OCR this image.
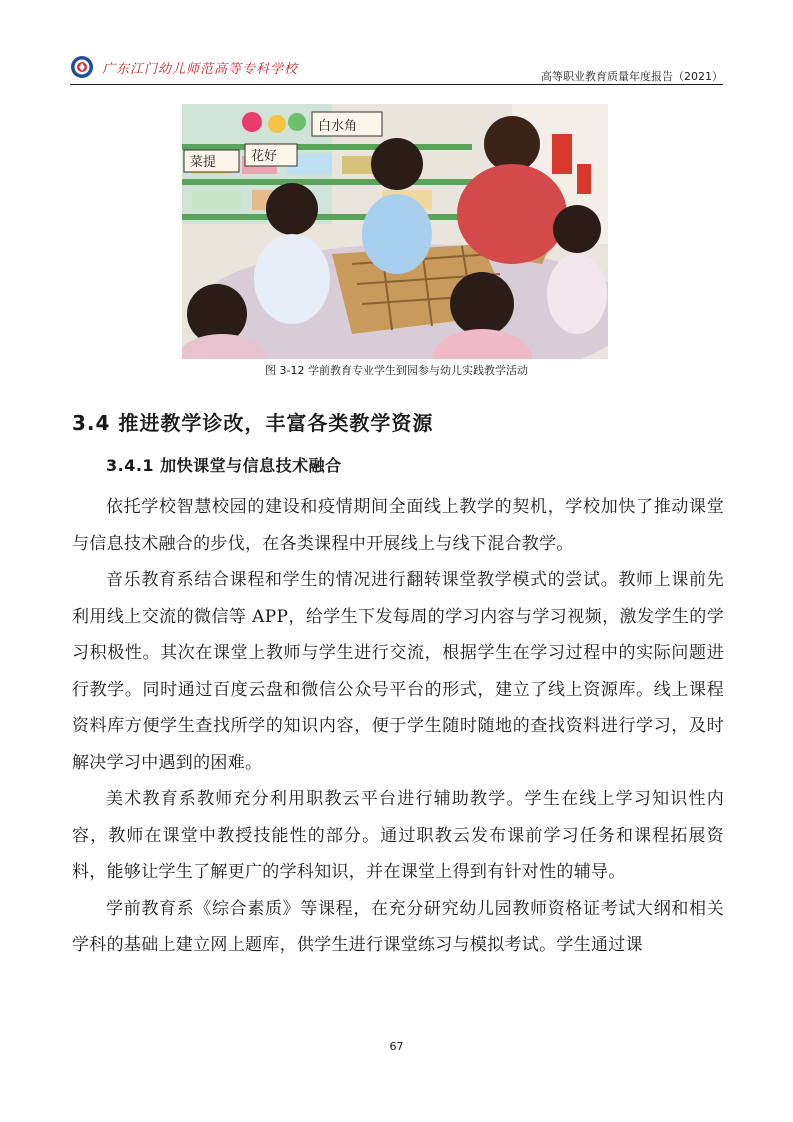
广东江门幼儿师范高等专科学校	高等职业教育质量年度报告（2021）
菜提	花好
白水角
图 3-12 学前教育专业学生到园参与幼儿实践教学活动
3.4 推进教学诊改，丰富各类教学资源
3.4.1 加快课堂与信息技术融合

依托学校智慧校园的建设和疫情期间全面线上教学的契机，学校加快了推动课堂与信息技术融合的步伐，在各类课程中开展线上与线下混合教学。

音乐教育系结合课程和学生的情况进行翻转课堂教学模式的尝试。教师上课前先利用线上交流的微信等 APP，给学生下发每周的学习内容与学习视频，激发学生的学习积极性。其次在课堂上教师与学生进行交流，根据学生在学习过程中的实际问题进行教学。同时通过百度云盘和微信公众号平台的形式，建立了线上资源库。线上课程资料库方便学生查找所学的知识内容，便于学生随时随地的查找资料进行学习，及时解决学习中遇到的困难。

美术教育系教师充分利用职教云平台进行辅助教学。学生在线上学习知识性内容，教师在课堂中教授技能性的部分。通过职教云发布课前学习任务和课程拓展资料，能够让学生了解更广的学科知识，并在课堂上得到有针对性的辅导。

学前教育系《综合素质》等课程，在充分研究幼儿园教师资格证考试大纲和相关学科的基础上建立网上题库，供学生进行课堂练习与模拟考试。学生通过课

67
